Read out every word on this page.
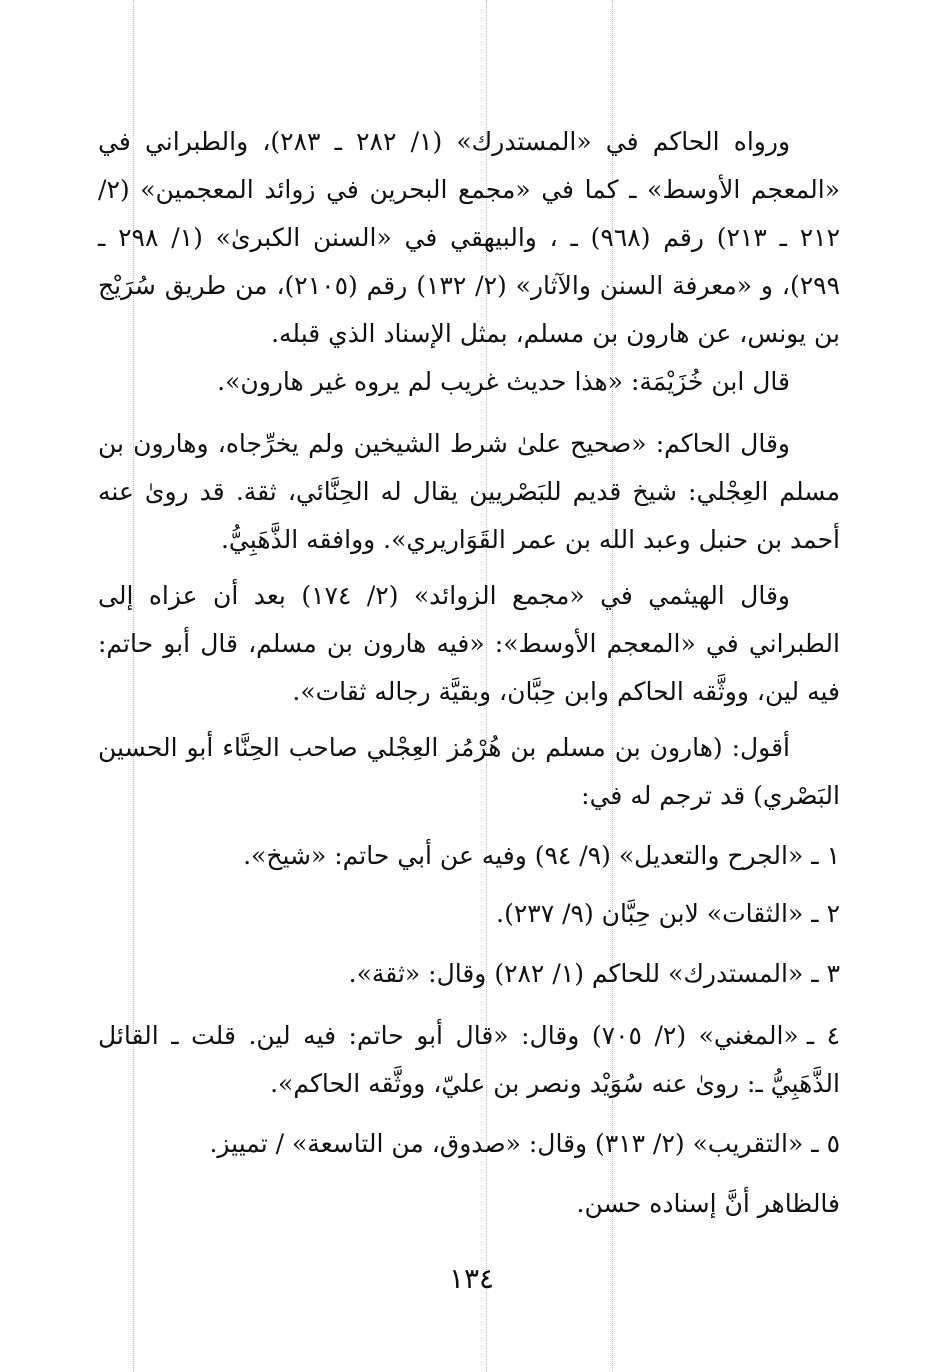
ورواه الحاكم في «المستدرك» (١/ ٢٨٢ ـ ٢٨٣)، والطبراني في «المعجم الأوسط» ـ كما في «مجمع البحرين في زوائد المعجمين» (٢/ ٢١٢ ـ ٢١٣) رقم (٩٦٨) ـ ، والبيهقي في «السنن الكبرىٰ» (١/ ٢٩٨ ـ ٢٩٩)، و «معرفة السنن والآثار» (٢/ ١٣٢) رقم (٢١٠٥)، من طريق سُرَيْج بن يونس، عن هارون بن مسلم، بمثل الإسناد الذي قبله.

قال ابن خُزَيْمَة: «هذا حديث غريب لم يروه غير هارون».

وقال الحاكم: «صحيح علىٰ شرط الشيخين ولم يخرِّجاه، وهارون بن مسلم العِجْلي: شيخ قديم للبَصْريين يقال له الحِنَّائي، ثقة. قد روىٰ عنه أحمد بن حنبل وعبد الله بن عمر القَوَاريري». ووافقه الذَّهَبِيُّ.

وقال الهيثمي في «مجمع الزوائد» (٢/ ١٧٤) بعد أن عزاه إلى الطبراني في «المعجم الأوسط»: «فيه هارون بن مسلم، قال أبو حاتم: فيه لين، ووثَّقه الحاكم وابن حِبَّان، وبقيَّة رجاله ثقات».

أقول: (هارون بن مسلم بن هُرْمُز العِجْلي صاحب الحِنَّاء أبو الحسين البَصْري) قد ترجم له في:

١ ـ«الجرح والتعديل» (٩/ ٩٤) وفيه عن أبي حاتم: «شيخ».

٢ ـ«الثقات» لابن حِبَّان (٩/ ٢٣٧).

٣ ـ«المستدرك» للحاكم (١/ ٢٨٢) وقال: «ثقة».

٤ ـ«المغني» (٢/ ٧٠٥) وقال: «قال أبو حاتم: فيه لين. قلت ـ القائل الذَّهَبِيُّ ـ: روىٰ عنه سُوَيْد ونصر بن عليّ، ووثَّقه الحاكم».

٥ ـ«التقريب» (٢/ ٣١٣) وقال: «صدوق، من التاسعة» / تمييز.

فالظاهر أنَّ إسناده حسن.

١٣٤
